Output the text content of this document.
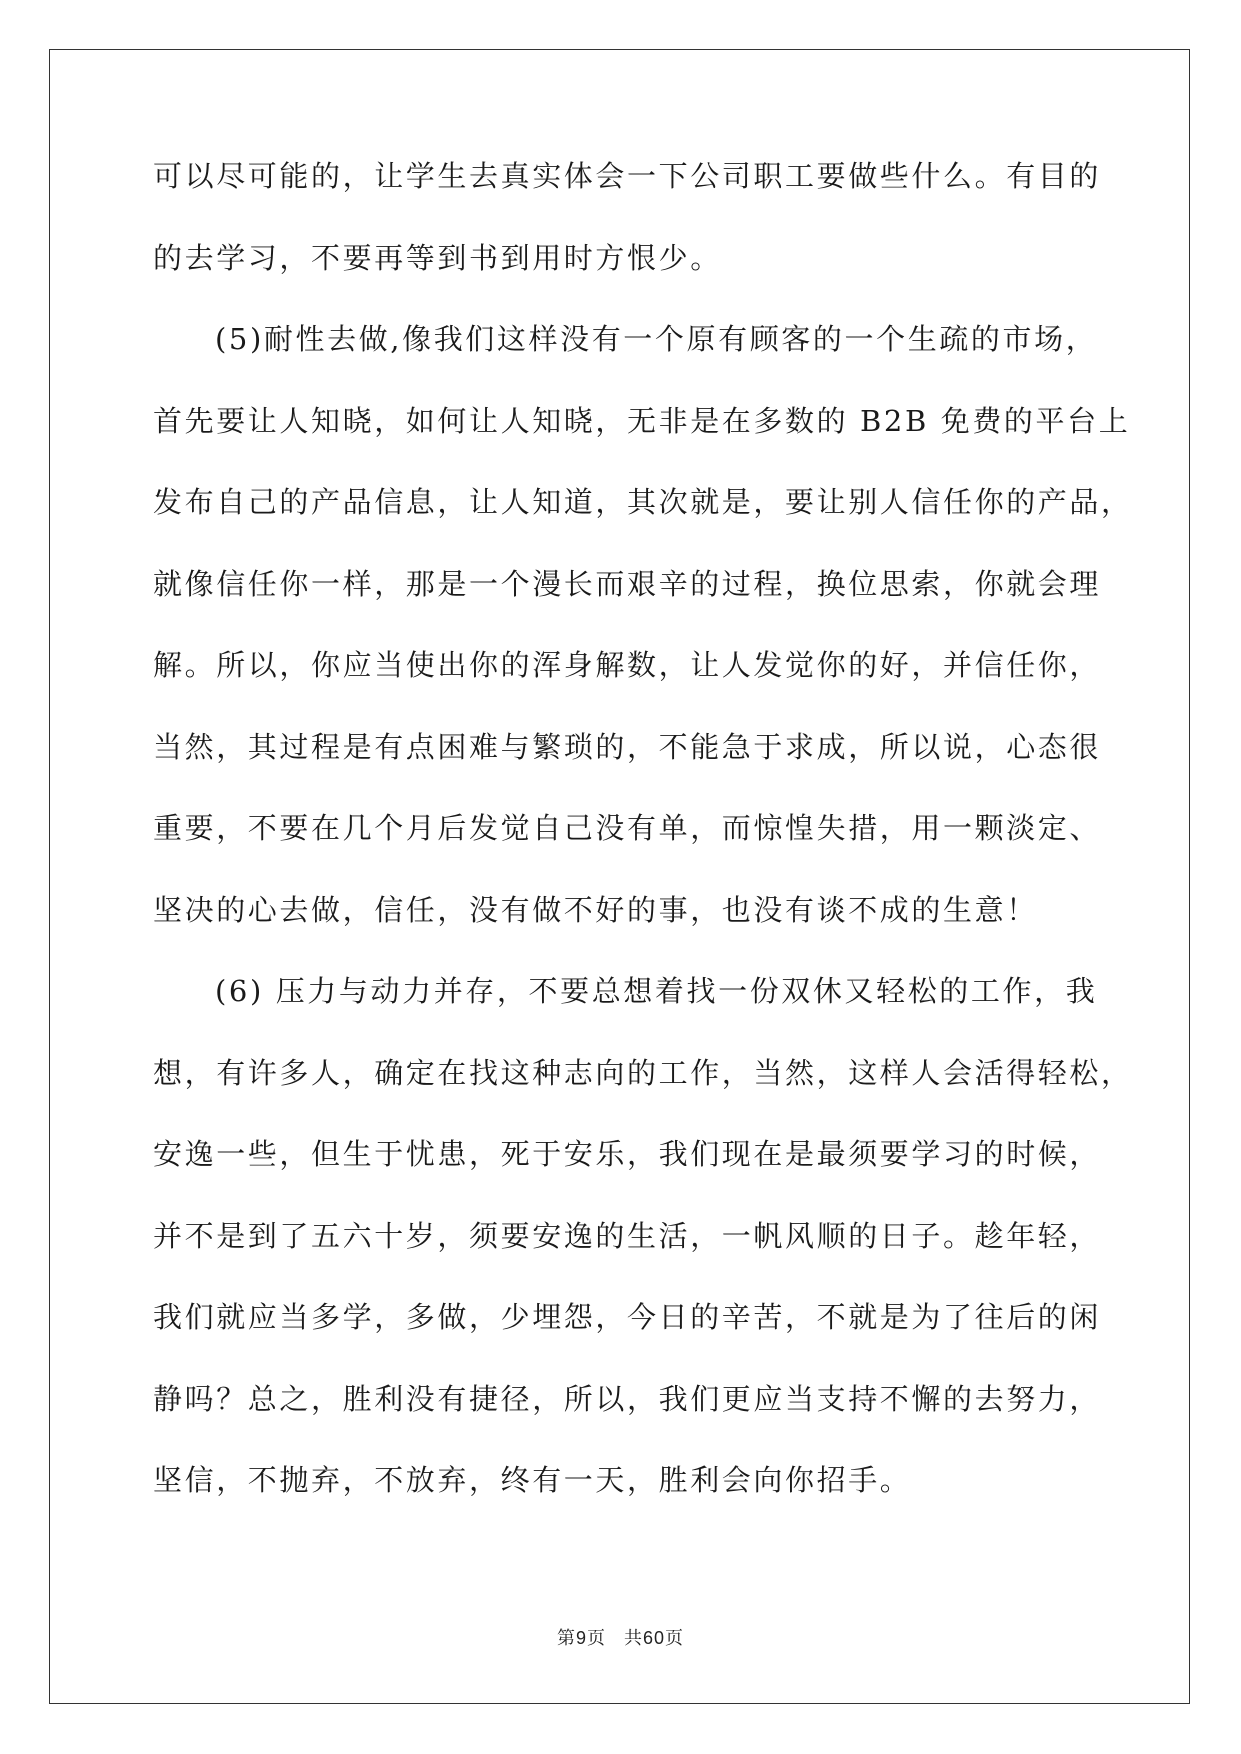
可以尽可能的，让学生去真实体会一下公司职工要做些什么。有目的
的去学习，不要再等到书到用时方恨少。
(5)耐性去做,像我们这样没有一个原有顾客的一个生疏的市场，
首先要让人知晓，如何让人知晓，无非是在多数的 B2B 免费的平台上
发布自己的产品信息，让人知道，其次就是，要让别人信任你的产品，
就像信任你一样，那是一个漫长而艰辛的过程，换位思索，你就会理
解。所以，你应当使出你的浑身解数，让人发觉你的好，并信任你，
当然，其过程是有点困难与繁琐的，不能急于求成，所以说，心态很
重要，不要在几个月后发觉自己没有单，而惊惶失措，用一颗淡定、
坚决的心去做，信任，没有做不好的事，也没有谈不成的生意！
(6) 压力与动力并存，不要总想着找一份双休又轻松的工作，我
想，有许多人，确定在找这种志向的工作，当然，这样人会活得轻松，
安逸一些，但生于忧患，死于安乐，我们现在是最须要学习的时候，
并不是到了五六十岁，须要安逸的生活，一帆风顺的日子。趁年轻，
我们就应当多学，多做，少埋怨，今日的辛苦，不就是为了往后的闲
静吗？总之，胜利没有捷径，所以，我们更应当支持不懈的去努力，
坚信，不抛弃，不放弃，终有一天，胜利会向你招手。
第9页 共60页
